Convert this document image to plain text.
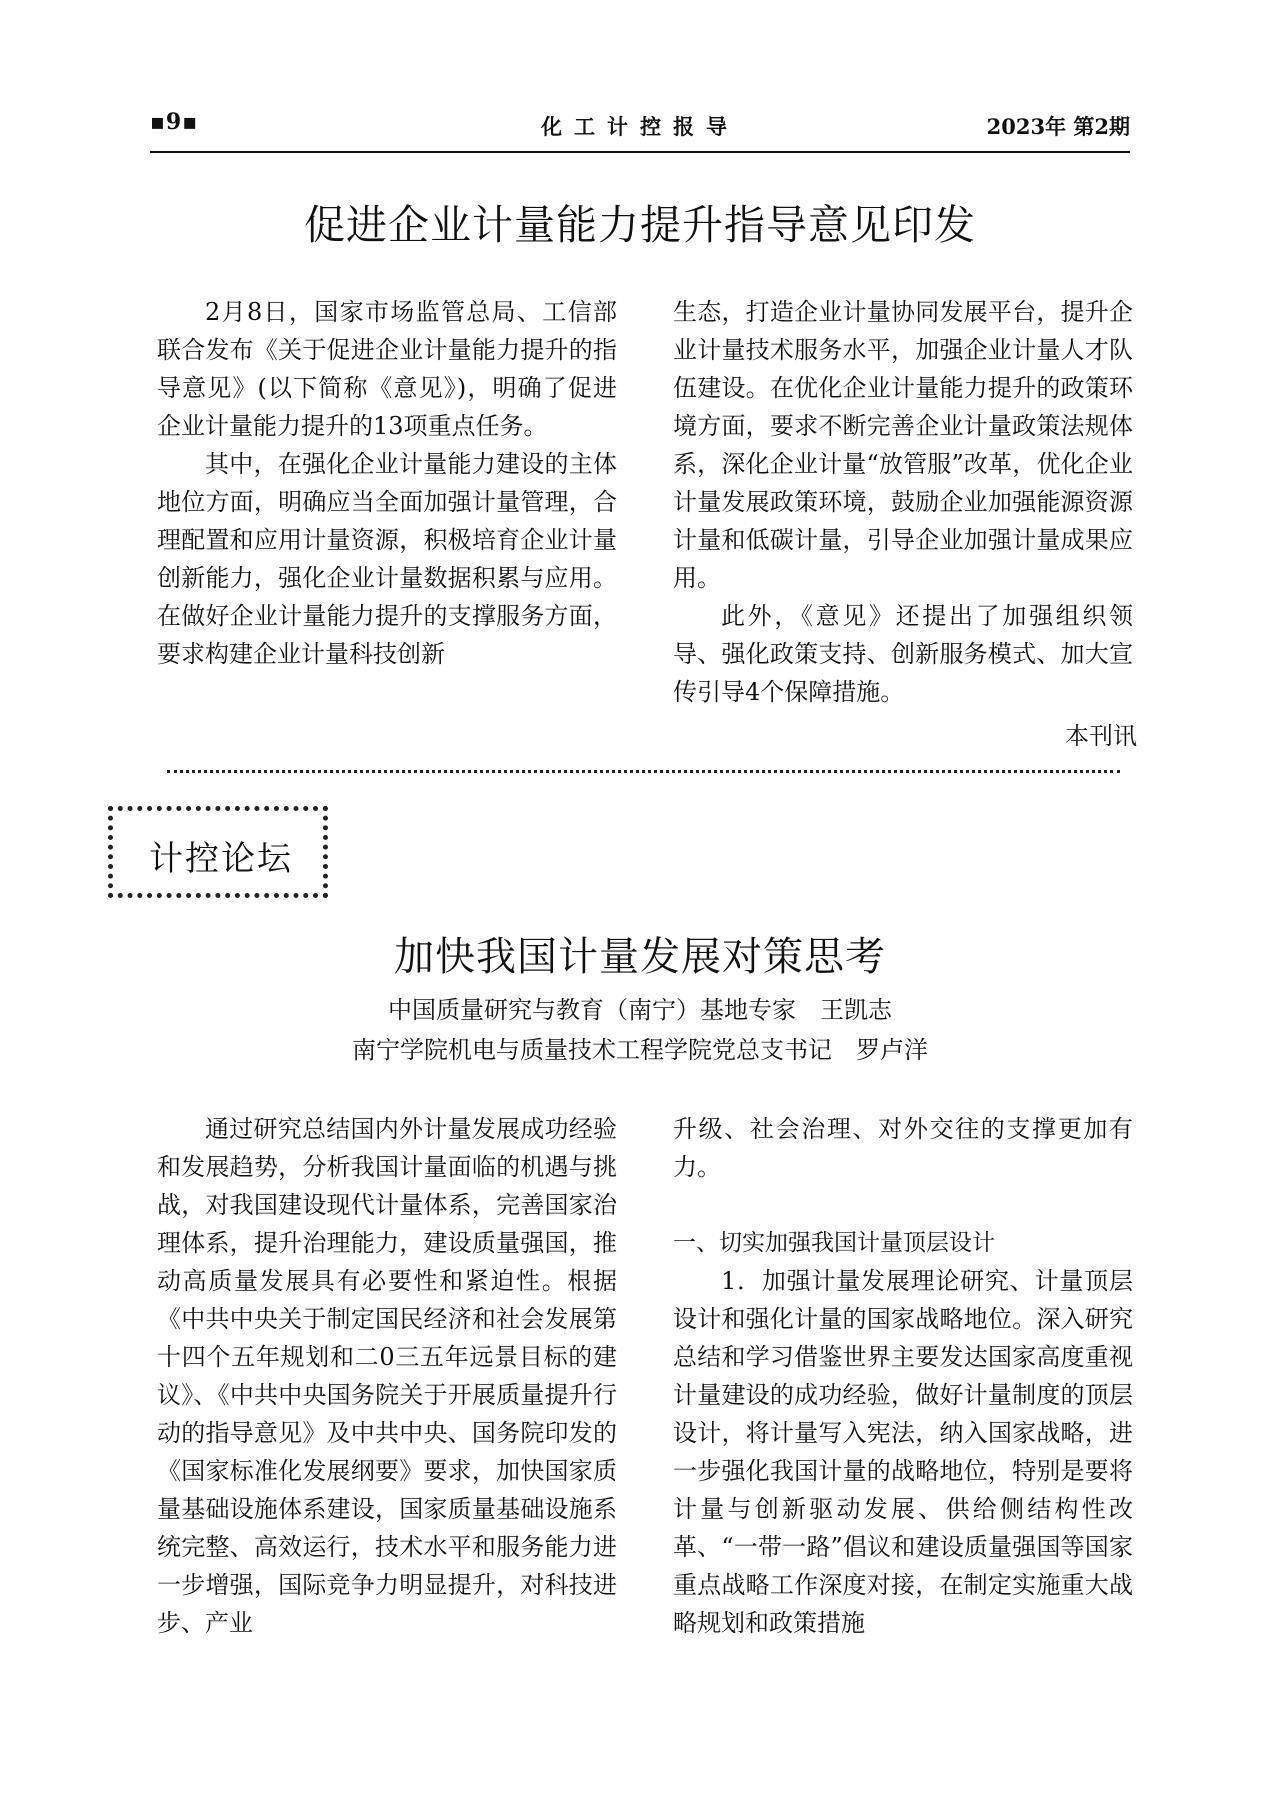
▪9▪	化工计控报导	2023年 第2期
促进企业计量能力提升指导意见印发

2月8日，国家市场监管总局、工信部联合发布《关于促进企业计量能力提升的指导意见》(以下简称《意见》)，明确了促进企业计量能力提升的13项重点任务。

其中，在强化企业计量能力建设的主体地位方面，明确应当全面加强计量管理，合理配置和应用计量资源，积极培育企业计量创新能力，强化企业计量数据积累与应用。在做好企业计量能力提升的支撑服务方面，要求构建企业计量科技创新

生态，打造企业计量协同发展平台，提升企业计量技术服务水平，加强企业计量人才队伍建设。在优化企业计量能力提升的政策环境方面，要求不断完善企业计量政策法规体系，深化企业计量“放管服”改革，优化企业计量发展政策环境，鼓励企业加强能源资源计量和低碳计量，引导企业加强计量成果应用。

此外，《意见》还提出了加强组织领导、强化政策支持、创新服务模式、加大宣传引导4个保障措施。

本刊讯
计控论坛
加快我国计量发展对策思考
中国质量研究与教育（南宁）基地专家　王凯志
南宁学院机电与质量技术工程学院党总支书记　罗卢洋

通过研究总结国内外计量发展成功经验和发展趋势，分析我国计量面临的机遇与挑战，对我国建设现代计量体系，完善国家治理体系，提升治理能力，建设质量强国，推动高质量发展具有必要性和紧迫性。根据《中共中央关于制定国民经济和社会发展第十四个五年规划和二0三五年远景目标的建议》、《中共中央国务院关于开展质量提升行动的指导意见》及中共中央、国务院印发的《国家标准化发展纲要》要求，加快国家质量基础设施体系建设，国家质量基础设施系统完整、高效运行，技术水平和服务能力进一步增强，国际竞争力明显提升，对科技进步、产业

升级、社会治理、对外交往的支撑更加有力。

一、切实加强我国计量顶层设计

1．加强计量发展理论研究、计量顶层设计和强化计量的国家战略地位。深入研究总结和学习借鉴世界主要发达国家高度重视计量建设的成功经验，做好计量制度的顶层设计，将计量写入宪法，纳入国家战略，进一步强化我国计量的战略地位，特别是要将计量与创新驱动发展、供给侧结构性改革、“一带一路”倡议和建设质量强国等国家重点战略工作深度对接，在制定实施重大战略规划和政策措施
